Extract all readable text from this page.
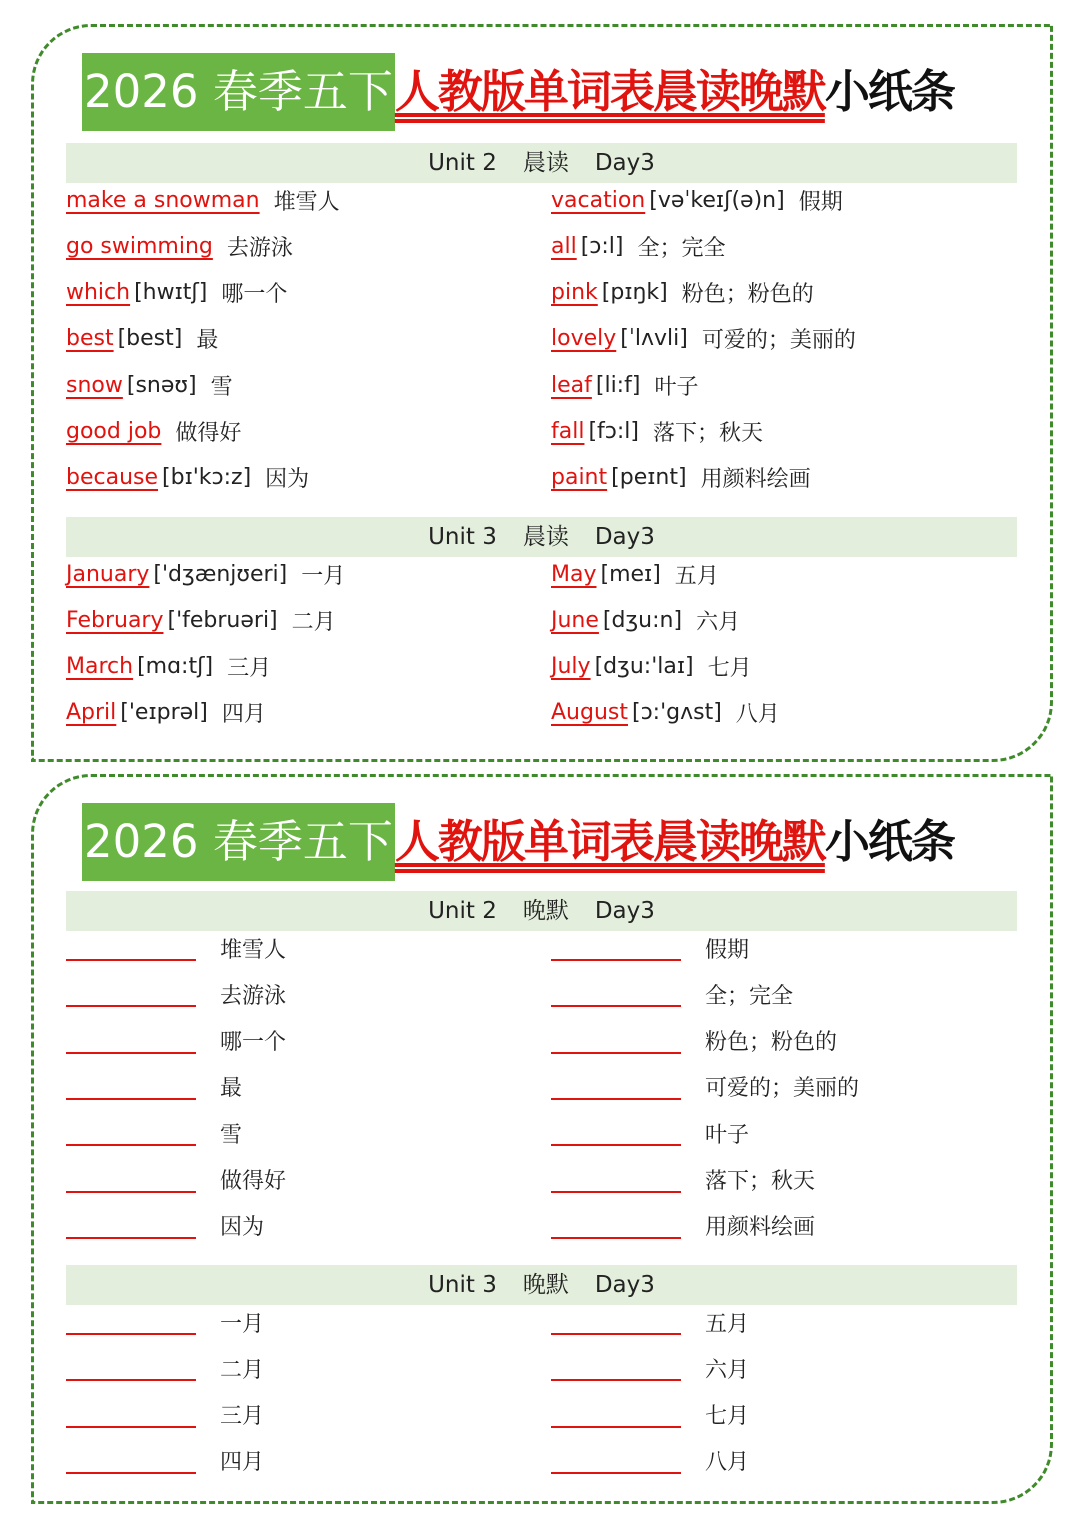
2026 春季五下 人教版单词表晨读晚默 小纸条
Unit 2 晨读 Day3
make a snowman 堆雪人
go swimming 去游泳
which [hwɪtʃ] 哪一个
best [best] 最
snow [snəʊ] 雪
good job 做得好
because [bɪ'kɔ:z] 因为
vacation [vəˈkeɪʃ(ə)n] 假期
all [ɔ:l] 全；完全
pink [pɪŋk] 粉色；粉色的
lovely [ˈlʌvli] 可爱的；美丽的
leaf [li:f] 叶子
fall [fɔ:l] 落下；秋天
paint [peɪnt] 用颜料绘画
Unit 3 晨读 Day3
January ['dʒænjʊeri] 一月
February ['februəri] 二月
March [mɑ:tʃ] 三月
April ['eɪprəl] 四月
May [meɪ] 五月
June [dʒu:n] 六月
July [dʒu:'laɪ] 七月
August [ɔ:'gʌst] 八月
2026 春季五下 人教版单词表晨读晚默 小纸条
Unit 2 晚默 Day3
堆雪人
去游泳
哪一个
最
雪
做得好
因为
假期
全；完全
粉色；粉色的
可爱的；美丽的
叶子
落下；秋天
用颜料绘画
Unit 3 晚默 Day3
一月
二月
三月
四月
五月
六月
七月
八月
